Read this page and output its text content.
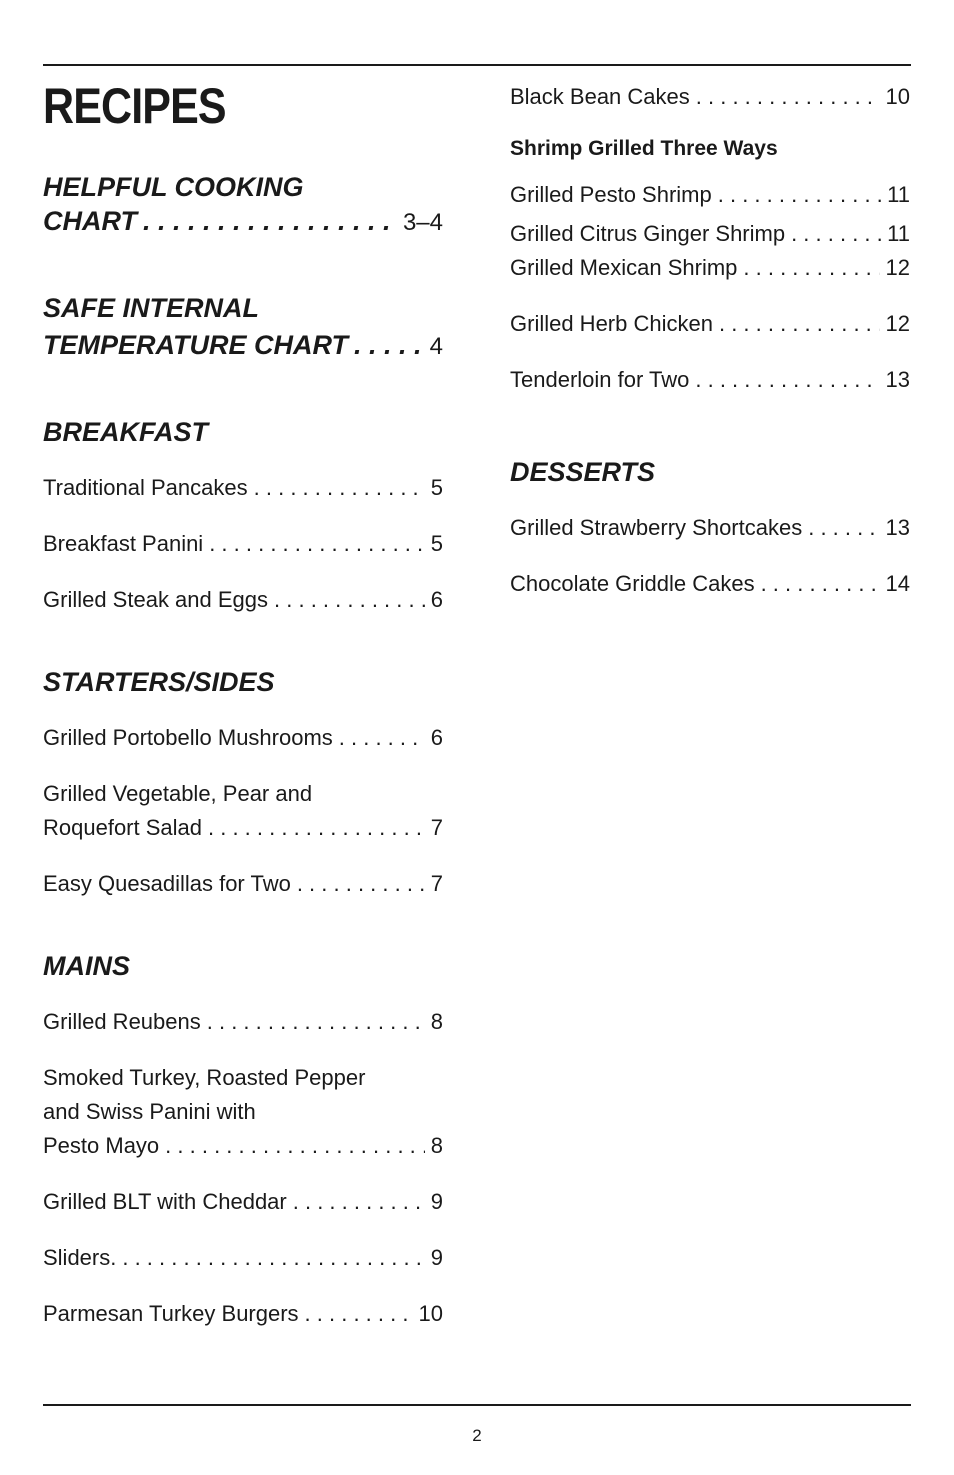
RECIPES
HELPFUL COOKING
CHART . . .	3–4
SAFE INTERNAL
TEMPERATURE CHART . . .	4
BREAKFAST
Traditional Pancakes . . .	5
Breakfast Panini . . .	5
Grilled Steak and Eggs . . .	6
STARTERS/SIDES
Grilled Portobello Mushrooms . . .	6
Grilled Vegetable, Pear and
Roquefort Salad . . .	7
Easy Quesadillas for Two . . .	7
MAINS
Grilled Reubens . . .	8
Smoked Turkey, Roasted Pepper
and Swiss Panini with
Pesto Mayo . . .	8
Grilled BLT with Cheddar . . .	9
Sliders. . . .	9
Parmesan Turkey Burgers . . .	10
Black Bean Cakes . . .	10
Shrimp Grilled Three Ways
Grilled Pesto Shrimp . . .	11
Grilled Citrus Ginger Shrimp . . .	11
Grilled Mexican Shrimp . . .	12
Grilled Herb Chicken . . .	12
Tenderloin for Two . . .	13
DESSERTS
Grilled Strawberry Shortcakes . . .	13
Chocolate Griddle Cakes . . .	14
2
